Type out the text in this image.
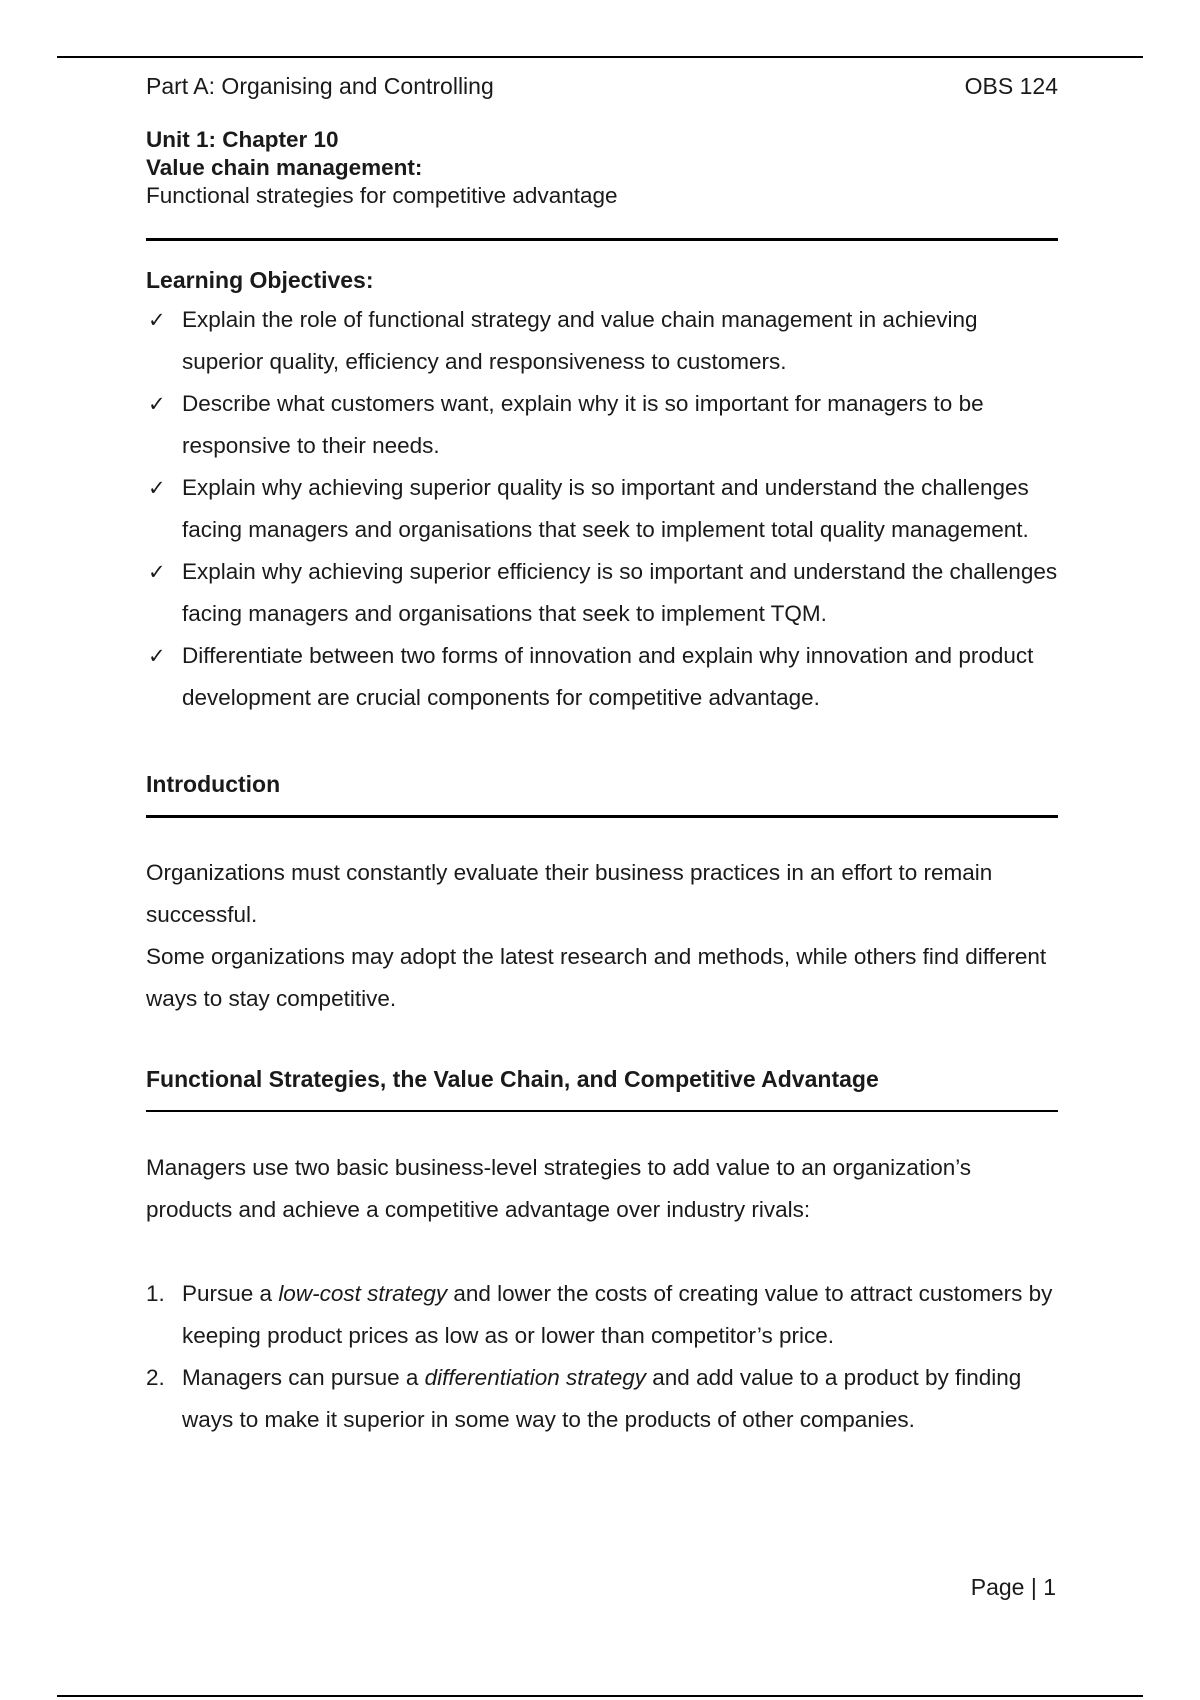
Part A: Organising and Controlling	OBS 124
Unit 1: Chapter 10
Value chain management:
Functional strategies for competitive advantage
Learning Objectives:
✓ Explain the role of functional strategy and value chain management in achieving superior quality, efficiency and responsiveness to customers.
✓ Describe what customers want, explain why it is so important for managers to be responsive to their needs.
✓ Explain why achieving superior quality is so important and understand the challenges facing managers and organisations that seek to implement total quality management.
✓ Explain why achieving superior efficiency is so important and understand the challenges facing managers and organisations that seek to implement TQM.
✓ Differentiate between two forms of innovation and explain why innovation and product development are crucial components for competitive advantage.
Introduction

Organizations must constantly evaluate their business practices in an effort to remain successful.

Some organizations may adopt the latest research and methods, while others find different ways to stay competitive.

Functional Strategies, the Value Chain, and Competitive Advantage

Managers use two basic business-level strategies to add value to an organization’s products and achieve a competitive advantage over industry rivals:

1. Pursue a low-cost strategy and lower the costs of creating value to attract customers by keeping product prices as low as or lower than competitor’s price.
2. Managers can pursue a differentiation strategy and add value to a product by finding ways to make it superior in some way to the products of other companies.
Page | 1
